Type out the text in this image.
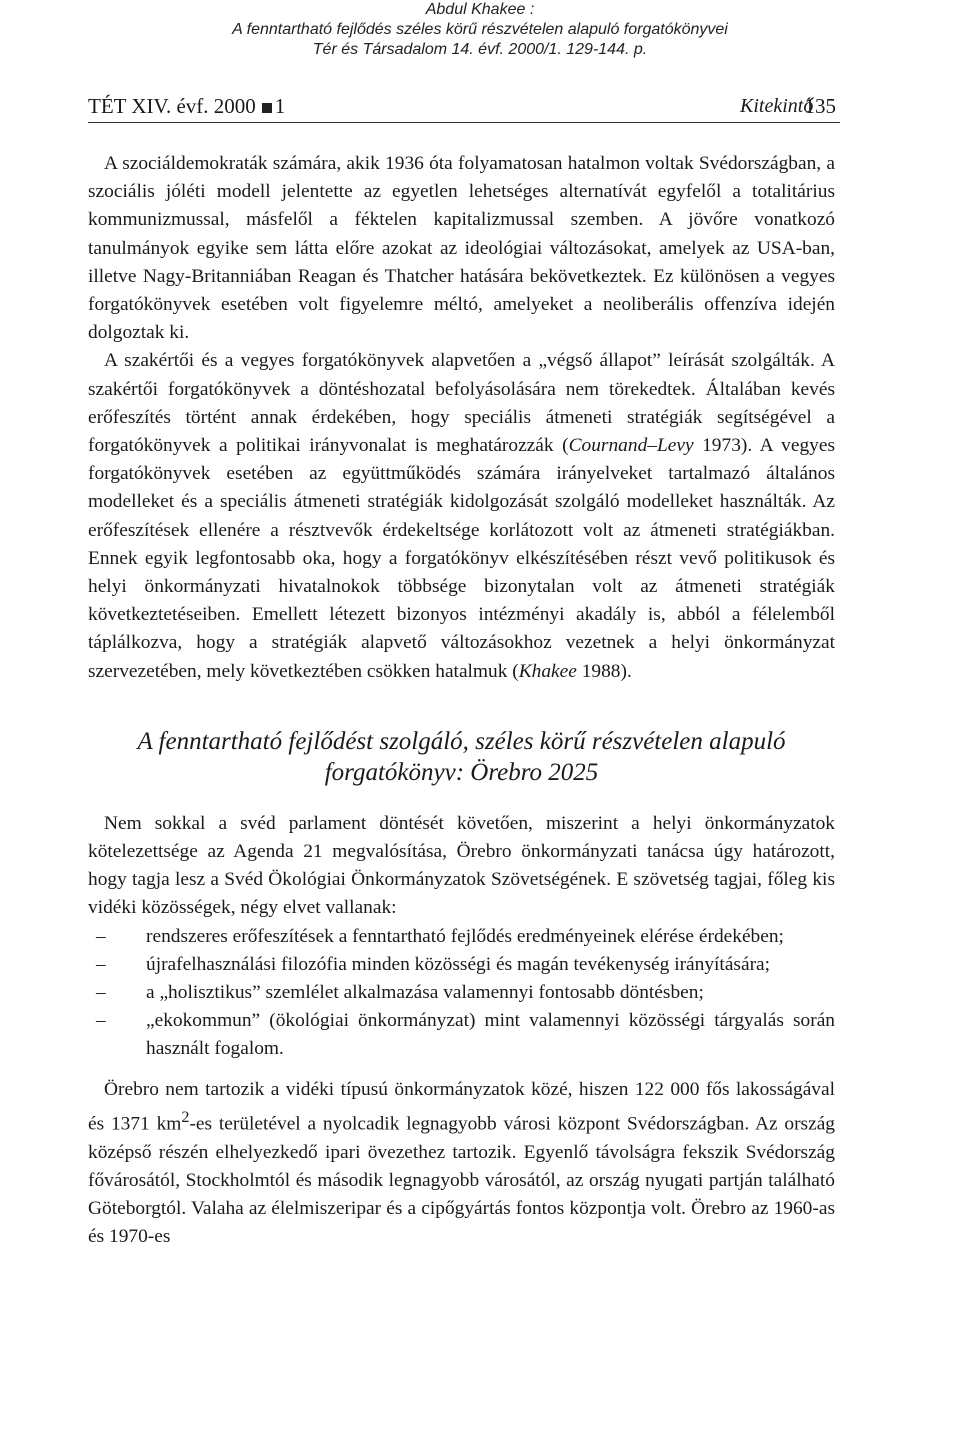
Abdul Khakee :
A fenntartható fejlődés széles körű részvételen alapuló forgatókönyvei
Tér és Társadalom 14. évf. 2000/1. 129-144. p.
TÉT XIV. évf. 2000 1	Kitekintő
135

A szociáldemokraták számára, akik 1936 óta folyamatosan hatalmon voltak Svédországban, a szociális jóléti modell jelentette az egyetlen lehetséges alternatívát egyfelől a totalitárius kommunizmussal, másfelől a féktelen kapitalizmussal szemben. A jövőre vonatkozó tanulmányok egyike sem látta előre azokat az ideológiai változásokat, amelyek az USA-ban, illetve Nagy-Britanniában Reagan és Thatcher hatására bekövetkeztek. Ez különösen a vegyes forgatókönyvek esetében volt figyelemre méltó, amelyeket a neoliberális offenzíva idején dolgoztak ki.

A szakértői és a vegyes forgatókönyvek alapvetően a „végső állapot” leírását szolgálták. A szakértői forgatókönyvek a döntéshozatal befolyásolására nem törekedtek. Általában kevés erőfeszítés történt annak érdekében, hogy speciális átmeneti stratégiák segítségével a forgatókönyvek a politikai irányvonalat is meghatározzák (Cournand–Levy 1973). A vegyes forgatókönyvek esetében az együttműködés számára irányelveket tartalmazó általános modelleket és a speciális átmeneti stratégiák kidolgozását szolgáló modelleket használták. Az erőfeszítések ellenére a résztvevők érdekeltsége korlátozott volt az átmeneti stratégiákban. Ennek egyik legfontosabb oka, hogy a forgatókönyv elkészítésében részt vevő politikusok és helyi önkormányzati hivatalnokok többsége bizonytalan volt az átmeneti stratégiák következtetéseiben. Emellett létezett bizonyos intézményi akadály is, abból a félelemből táplálkozva, hogy a stratégiák alapvető változásokhoz vezetnek a helyi önkormányzat szervezetében, mely következtében csökken hatalmuk (Khakee 1988).

A fenntartható fejlődést szolgáló, széles körű részvételen alapuló
forgatókönyv: Örebro 2025

Nem sokkal a svéd parlament döntését követően, miszerint a helyi önkormányzatok kötelezettsége az Agenda 21 megvalósítása, Örebro önkormányzati tanácsa úgy határozott, hogy tagja lesz a Svéd Ökológiai Önkormányzatok Szövetségének. E szövetség tagjai, főleg kis vidéki közösségek, négy elvet vallanak:

– rendszeres erőfeszítések a fenntartható fejlődés eredményeinek elérése érdekében;
– újrafelhasználási filozófia minden közösségi és magán tevékenység irányítására;
– a „holisztikus” szemlélet alkalmazása valamennyi fontosabb döntésben;
– „ekokommun” (ökológiai önkormányzat) mint valamennyi közösségi tárgyalás során használt fogalom.

Örebro nem tartozik a vidéki típusú önkormányzatok közé, hiszen 122 000 fős lakosságával és 1371 $km^2-es$ területével a nyolcadik legnagyobb városi központ Svédországban. Az ország középső részén elhelyezkedő ipari övezethez tartozik. Egyenlő távolságra fekszik Svédország fővárosától, Stockholmtól és második legnagyobb városától, az ország nyugati partján található Göteborgtól. Valaha az élelmiszeripar és a cipőgyártás fontos központja volt. Örebro az 1960-as és 1970-es
